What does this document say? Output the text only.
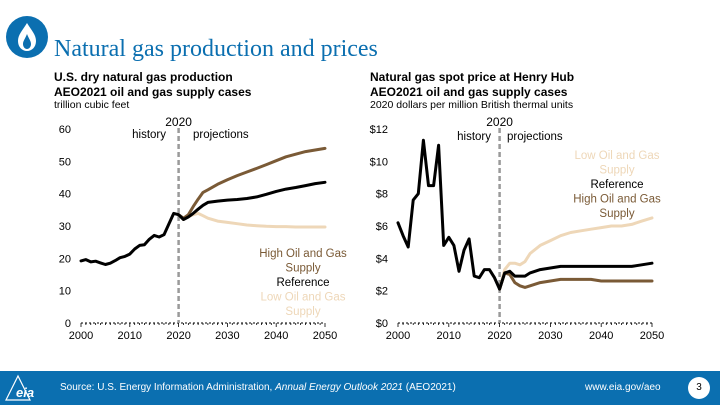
Natural gas production and prices
U.S. dry natural gas production
AEO2021 oil and gas supply cases
trillion cubic feet
Natural gas spot price at Henry Hub
AEO2021 oil and gas supply cases
2020 dollars per million British thermal units
0
10
20
30
40
50
60
2000 2010 2020 2030 2040 2050
2020
history projections
High Oil and Gas
Supply
Reference
Low Oil and Gas
Supply
$0
$2
$4
$6
$8
$10
$12
2000 2010 2020 2030 2040 2050
2020
history projections
Low Oil and Gas
Supply
Reference
High Oil and Gas
Supply
eia	Source: U.S. Energy Information Administration, Annual Energy Outlook 2021 (AEO2021)	www.eia.gov/aeo	3
